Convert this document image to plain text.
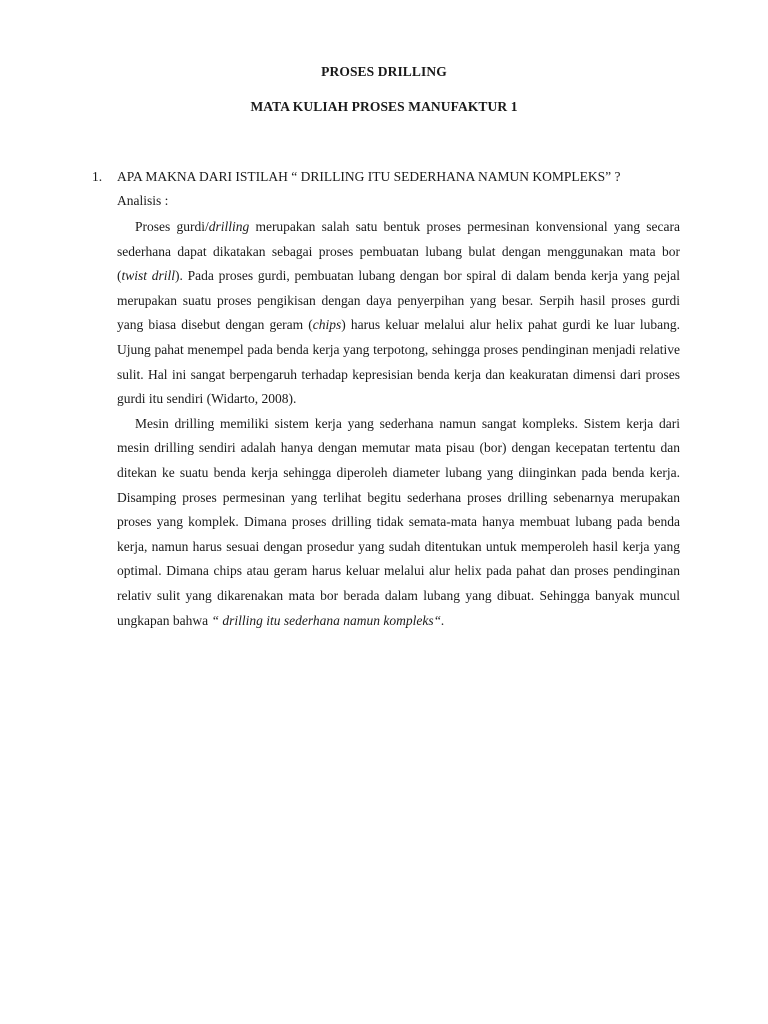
PROSES DRILLING
MATA KULIAH PROSES MANUFAKTUR 1
1. APA MAKNA DARI ISTILAH “ DRILLING ITU SEDERHANA NAMUN KOMPLEKS” ?
Analisis :

Proses gurdi/drilling merupakan salah satu bentuk proses permesinan konvensional yang secara sederhana dapat dikatakan sebagai proses pembuatan lubang bulat dengan menggunakan mata bor (twist drill). Pada proses gurdi, pembuatan lubang dengan bor spiral di dalam benda kerja yang pejal merupakan suatu proses pengikisan dengan daya penyerpihan yang besar. Serpih hasil proses gurdi yang biasa disebut dengan geram (chips) harus keluar melalui alur helix pahat gurdi ke luar lubang. Ujung pahat menempel pada benda kerja yang terpotong, sehingga proses pendinginan menjadi relative sulit. Hal ini sangat berpengaruh terhadap kepresisian benda kerja dan keakuratan dimensi dari proses gurdi itu sendiri (Widarto, 2008).

Mesin drilling memiliki sistem kerja yang sederhana namun sangat kompleks. Sistem kerja dari mesin drilling sendiri adalah hanya dengan memutar mata pisau (bor) dengan kecepatan tertentu dan ditekan ke suatu benda kerja sehingga diperoleh diameter lubang yang diinginkan pada benda kerja. Disamping proses permesinan yang terlihat begitu sederhana proses drilling sebenarnya merupakan proses yang komplek. Dimana proses drilling tidak semata-mata hanya membuat lubang pada benda kerja, namun harus sesuai dengan prosedur yang sudah ditentukan untuk memperoleh hasil kerja yang optimal. Dimana chips atau geram harus keluar melalui alur helix pada pahat dan proses pendinginan relativ sulit yang dikarenakan mata bor berada dalam lubang yang dibuat. Sehingga banyak muncul ungkapan bahwa “ drilling itu sederhana namun kompleks“.
